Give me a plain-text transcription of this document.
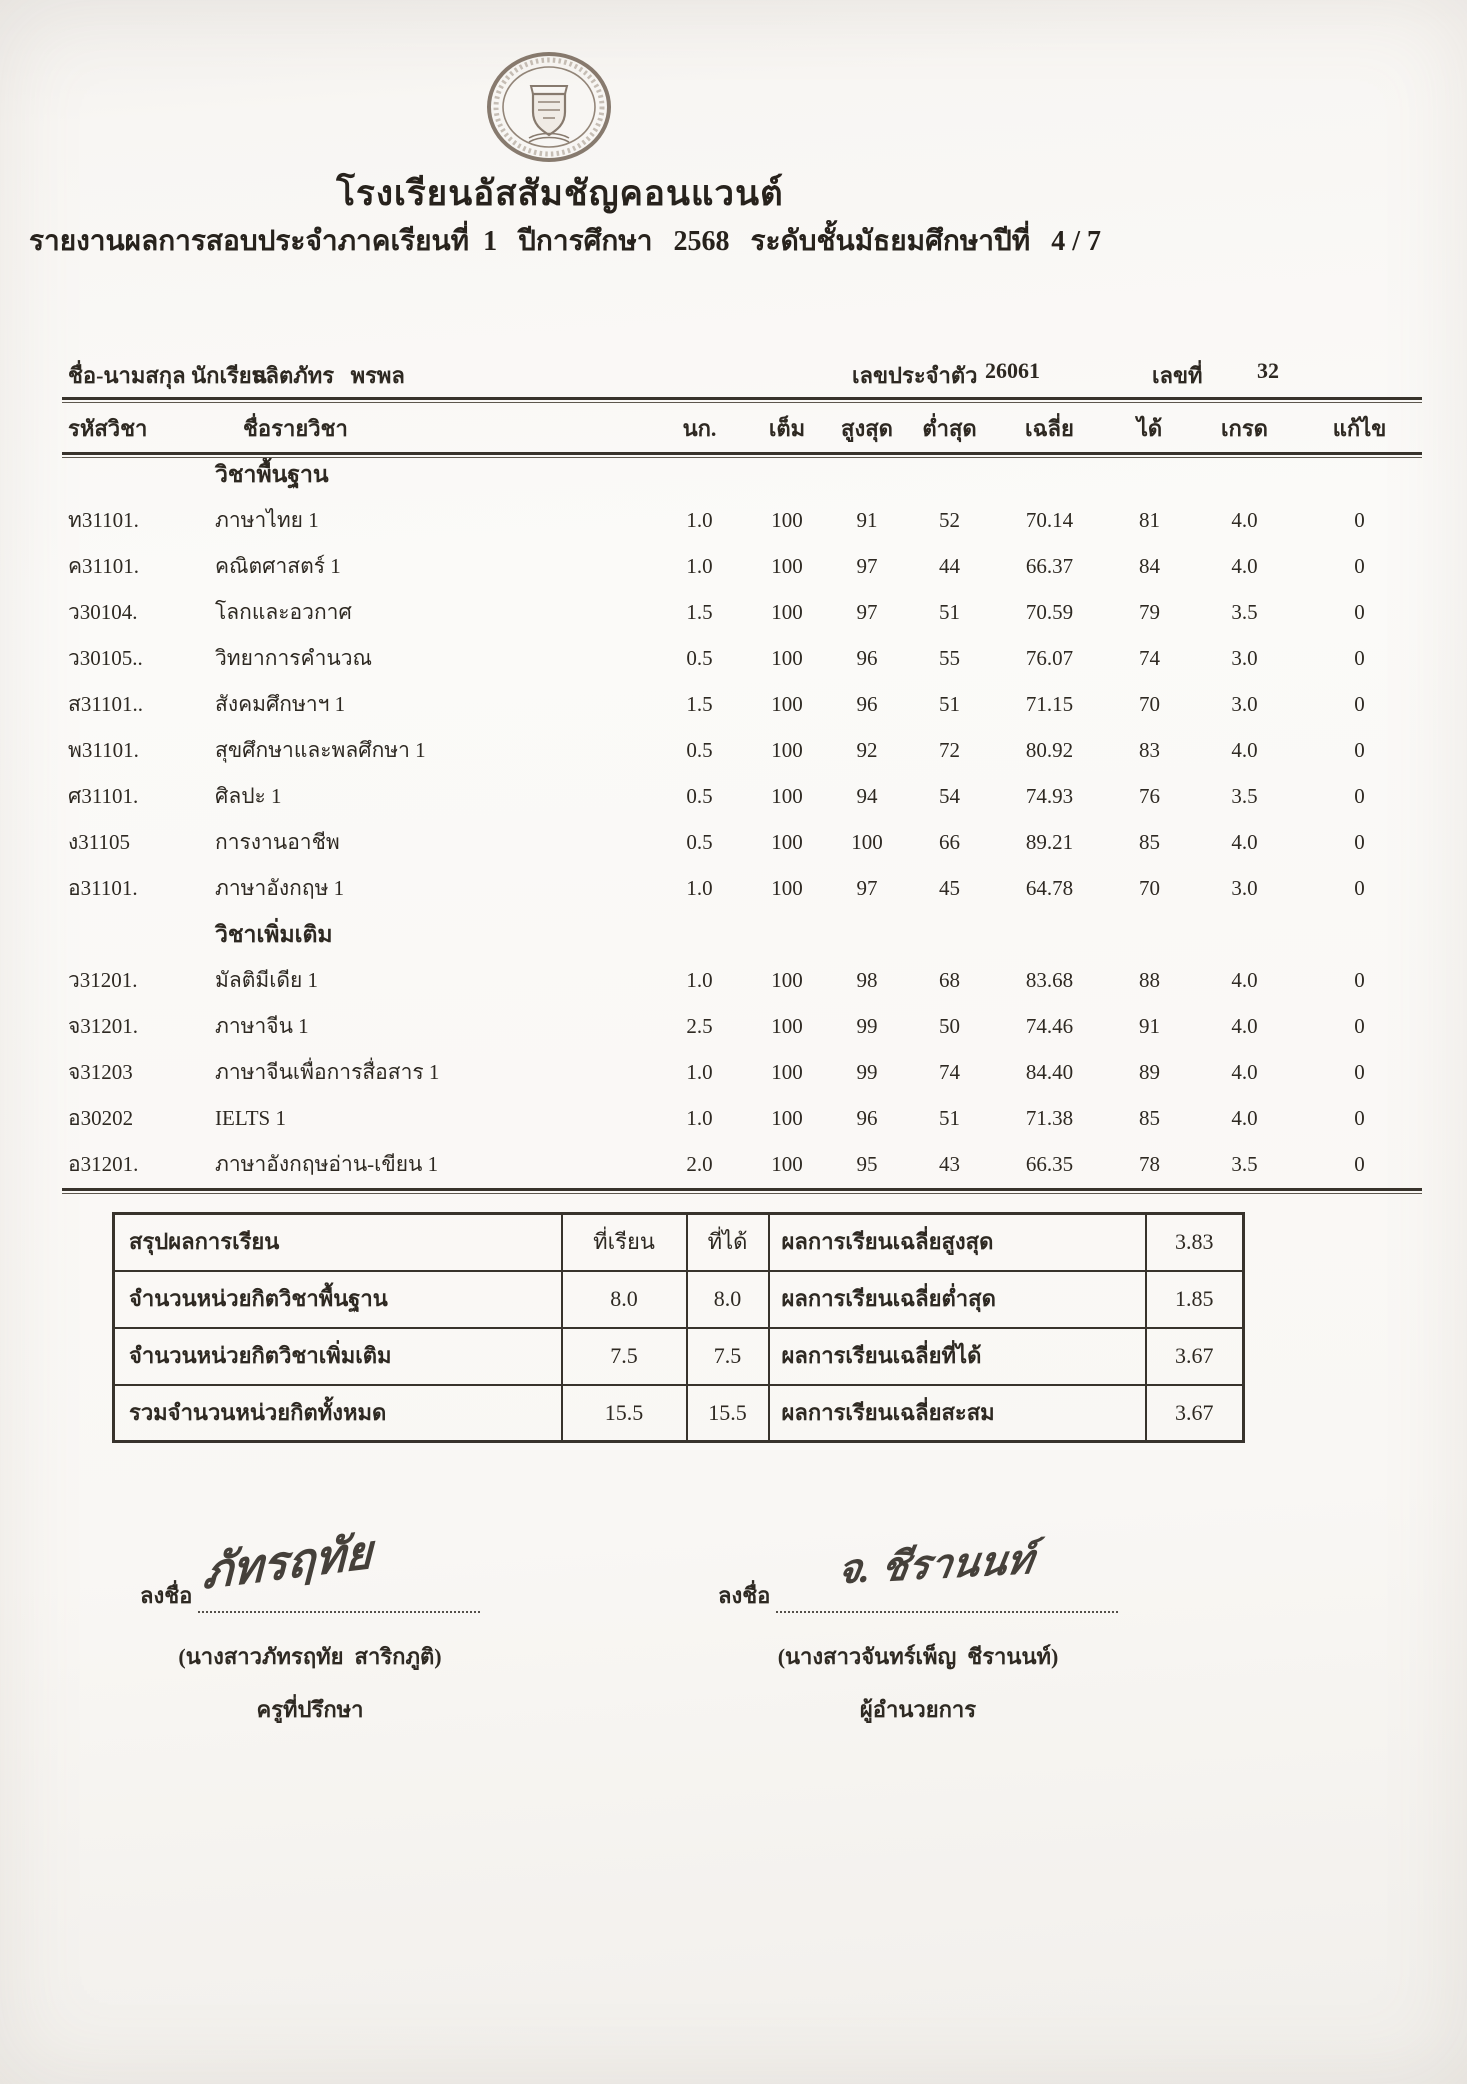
โรงเรียนอัสสัมชัญคอนแวนต์
รายงานผลการสอบประจำภาคเรียนที่  1   ปีการศึกษา   2568   ระดับชั้นมัธยมศึกษาปีที่   4 / 7
ชื่อ-นามสกุล นักเรียน
ลลิตภัทร   พรพล	เลขประจำตัว 26061	เลขที่ 32
รหัสวิชา	ชื่อรายวิชา	นก.	เต็ม	สูงสุด	ต่ำสุด	เฉลี่ย	ได้	เกรด	แก้ไข
	วิชาพื้นฐาน								
ท31101.	ภาษาไทย 1	1.0	100	91	52	70.14	81	4.0	0
ค31101.	คณิตศาสตร์ 1	1.0	100	97	44	66.37	84	4.0	0
ว30104.	โลกและอวกาศ	1.5	100	97	51	70.59	79	3.5	0
ว30105..	วิทยาการคำนวณ	0.5	100	96	55	76.07	74	3.0	0
ส31101..	สังคมศึกษาฯ 1	1.5	100	96	51	71.15	70	3.0	0
พ31101.	สุขศึกษาและพลศึกษา 1	0.5	100	92	72	80.92	83	4.0	0
ศ31101.	ศิลปะ 1	0.5	100	94	54	74.93	76	3.5	0
ง31105	การงานอาชีพ	0.5	100	100	66	89.21	85	4.0	0
อ31101.	ภาษาอังกฤษ 1	1.0	100	97	45	64.78	70	3.0	0
	วิชาเพิ่มเติม								
ว31201.	มัลติมีเดีย 1	1.0	100	98	68	83.68	88	4.0	0
จ31201.	ภาษาจีน 1	2.5	100	99	50	74.46	91	4.0	0
จ31203	ภาษาจีนเพื่อการสื่อสาร 1	1.0	100	99	74	84.40	89	4.0	0
อ30202	IELTS 1	1.0	100	96	51	71.38	85	4.0	0
อ31201.	ภาษาอังกฤษอ่าน-เขียน 1	2.0	100	95	43	66.35	78	3.5	0
สรุปผลการเรียน	ที่เรียน	ที่ได้	ผลการเรียนเฉลี่ยสูงสุด	3.83
จำนวนหน่วยกิตวิชาพื้นฐาน	8.0	8.0	ผลการเรียนเฉลี่ยต่ำสุด	1.85
จำนวนหน่วยกิตวิชาเพิ่มเติม	7.5	7.5	ผลการเรียนเฉลี่ยที่ได้	3.67
รวมจำนวนหน่วยกิตทั้งหมด	15.5	15.5	ผลการเรียนเฉลี่ยสะสม	3.67
ลงชื่อ ภัทรฤทัย
(นางสาวภัทรฤทัย  สาริกภูติ)
ครูที่ปรึกษา
ลงชื่อ
จ. ชีรานนท์
(นางสาวจันทร์เพ็ญ  ชีรานนท์)
ผู้อำนวยการ
